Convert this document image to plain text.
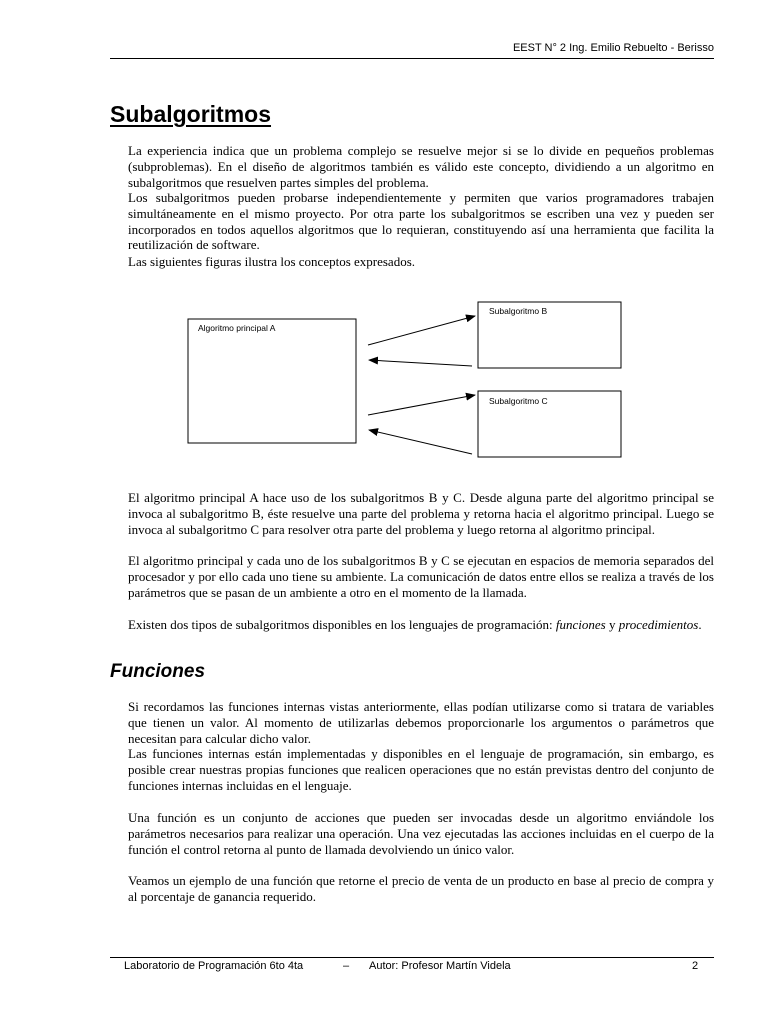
EEST N° 2 Ing. Emilio Rebuelto - Berisso
Subalgoritmos

La experiencia indica que un problema complejo se resuelve mejor si se lo divide en pequeños problemas (subproblemas). En el diseño de algoritmos también es válido este concepto, dividiendo a un algoritmo en subalgoritmos que resuelven partes simples del problema.

Los subalgoritmos pueden probarse independientemente y permiten que varios programadores trabajen simultáneamente en el mismo proyecto. Por otra parte los subalgoritmos se escriben una vez y pueden ser incorporados en todos aquellos algoritmos que lo requieran, constituyendo así una herramienta que facilita la reutilización de software.

Las siguientes figuras ilustra los conceptos expresados.

Algoritmo principal A
Subalgoritmo B
Subalgoritmo C

El algoritmo principal A hace uso de los subalgoritmos B y C. Desde alguna parte del algoritmo principal se invoca al subalgoritmo B, éste resuelve una parte del problema y retorna hacia el algoritmo principal. Luego se invoca al subalgoritmo C para resolver otra parte del problema y luego retorna al algoritmo principal.

El algoritmo principal y cada uno de los subalgoritmos B y C se ejecutan en espacios de memoria separados del procesador y por ello cada uno tiene su ambiente. La comunicación de datos entre ellos se realiza a través de los parámetros que se pasan de un ambiente a otro en el momento de la llamada.

Existen dos tipos de subalgoritmos disponibles en los lenguajes de programación: funciones y procedimientos.

Funciones

Si recordamos las funciones internas vistas anteriormente, ellas podían utilizarse como si tratara de variables que tienen un valor. Al momento de utilizarlas debemos proporcionarle los argumentos o parámetros que necesitan para calcular dicho valor.

Las funciones internas están implementadas y disponibles en el lenguaje de programación, sin embargo, es posible crear nuestras propias funciones que realicen operaciones que no están previstas dentro del conjunto de funciones internas incluidas en el lenguaje.

Una función es un conjunto de acciones que pueden ser invocadas desde un algoritmo enviándole los parámetros necesarios para realizar una operación. Una vez ejecutadas las acciones incluidas en el cuerpo de la función el control retorna al punto de llamada devolviendo un único valor.

Veamos un ejemplo de una función que retorne el precio de venta de un producto en base al precio de compra y al porcentaje de ganancia requerido.

Laboratorio de Programación 6to 4ta	– Autor: Profesor Martín Videla	2
